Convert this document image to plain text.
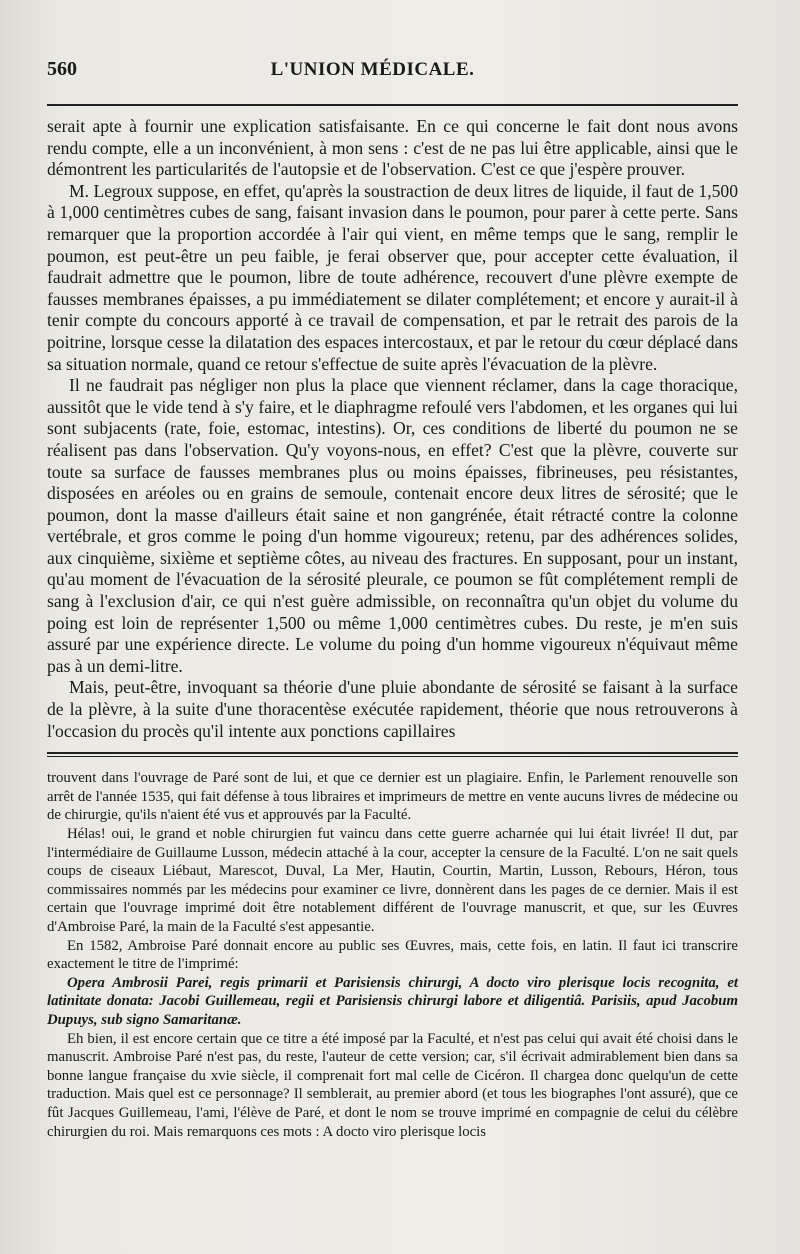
560	L'UNION MÉDICALE.

serait apte à fournir une explication satisfaisante. En ce qui concerne le fait dont nous avons rendu compte, elle a un inconvénient, à mon sens : c'est de ne pas lui être applicable, ainsi que le démontrent les particularités de l'autopsie et de l'observation. C'est ce que j'espère prouver.

M. Legroux suppose, en effet, qu'après la soustraction de deux litres de liquide, il faut de 1,500 à 1,000 centimètres cubes de sang, faisant invasion dans le poumon, pour parer à cette perte. Sans remarquer que la proportion accordée à l'air qui vient, en même temps que le sang, remplir le poumon, est peut-être un peu faible, je ferai observer que, pour accepter cette évaluation, il faudrait admettre que le poumon, libre de toute adhérence, recouvert d'une plèvre exempte de fausses membranes épaisses, a pu immédiatement se dilater complétement; et encore y aurait-il à tenir compte du concours apporté à ce travail de compensation, et par le retrait des parois de la poitrine, lorsque cesse la dilatation des espaces intercostaux, et par le retour du cœur déplacé dans sa situation normale, quand ce retour s'effectue de suite après l'évacuation de la plèvre.

Il ne faudrait pas négliger non plus la place que viennent réclamer, dans la cage thoracique, aussitôt que le vide tend à s'y faire, et le diaphragme refoulé vers l'abdomen, et les organes qui lui sont subjacents (rate, foie, estomac, intestins). Or, ces conditions de liberté du poumon ne se réalisent pas dans l'observation. Qu'y voyons-nous, en effet? C'est que la plèvre, couverte sur toute sa surface de fausses membranes plus ou moins épaisses, fibrineuses, peu résistantes, disposées en aréoles ou en grains de semoule, contenait encore deux litres de sérosité; que le poumon, dont la masse d'ailleurs était saine et non gangrénée, était rétracté contre la colonne vertébrale, et gros comme le poing d'un homme vigoureux; retenu, par des adhérences solides, aux cinquième, sixième et septième côtes, au niveau des fractures. En supposant, pour un instant, qu'au moment de l'évacuation de la sérosité pleurale, ce poumon se fût complétement rempli de sang à l'exclusion d'air, ce qui n'est guère admissible, on reconnaîtra qu'un objet du volume du poing est loin de représenter 1,500 ou même 1,000 centimètres cubes. Du reste, je m'en suis assuré par une expérience directe. Le volume du poing d'un homme vigoureux n'équivaut même pas à un demi-litre.

Mais, peut-être, invoquant sa théorie d'une pluie abondante de sérosité se faisant à la surface de la plèvre, à la suite d'une thoracentèse exécutée rapidement, théorie que nous retrouverons à l'occasion du procès qu'il intente aux ponctions capillaires

trouvent dans l'ouvrage de Paré sont de lui, et que ce dernier est un plagiaire. Enfin, le Parlement renouvelle son arrêt de l'année 1535, qui fait défense à tous libraires et imprimeurs de mettre en vente aucuns livres de médecine ou de chirurgie, qu'ils n'aient été vus et approuvés par la Faculté.

Hélas! oui, le grand et noble chirurgien fut vaincu dans cette guerre acharnée qui lui était livrée! Il dut, par l'intermédiaire de Guillaume Lusson, médecin attaché à la cour, accepter la censure de la Faculté. L'on ne sait quels coups de ciseaux Liébaut, Marescot, Duval, La Mer, Hautin, Courtin, Martin, Lusson, Rebours, Héron, tous commissaires nommés par les médecins pour examiner ce livre, donnèrent dans les pages de ce dernier. Mais il est certain que l'ouvrage imprimé doit être notablement différent de l'ouvrage manuscrit, et que, sur les Œuvres d'Ambroise Paré, la main de la Faculté s'est appesantie.

En 1582, Ambroise Paré donnait encore au public ses Œuvres, mais, cette fois, en latin. Il faut ici transcrire exactement le titre de l'imprimé:

Opera Ambrosii Parei, regis primarii et Parisiensis chirurgi, A docto viro plerisque locis recognita, et latinitate donata: Jacobi Guillemeau, regii et Parisiensis chirurgi labore et diligentiâ. Parisiis, apud Jacobum Dupuys, sub signo Samaritanæ.

Eh bien, il est encore certain que ce titre a été imposé par la Faculté, et n'est pas celui qui avait été choisi dans le manuscrit. Ambroise Paré n'est pas, du reste, l'auteur de cette version; car, s'il écrivait admirablement bien dans sa bonne langue française du xvie siècle, il comprenait fort mal celle de Cicéron. Il chargea donc quelqu'un de cette traduction. Mais quel est ce personnage? Il semblerait, au premier abord (et tous les biographes l'ont assuré), que ce fût Jacques Guillemeau, l'ami, l'élève de Paré, et dont le nom se trouve imprimé en compagnie de celui du célèbre chirurgien du roi. Mais remarquons ces mots : A docto viro plerisque locis
